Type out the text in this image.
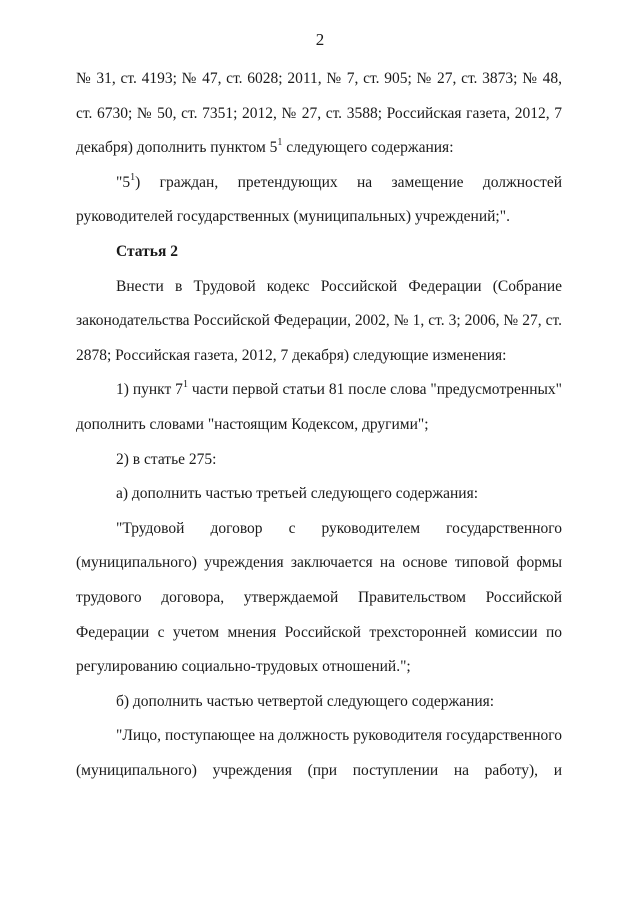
2

№ 31, ст. 4193; № 47, ст. 6028; 2011, № 7, ст. 905; № 27, ст. 3873; № 48, ст. 6730; № 50, ст. 7351; 2012, № 27, ст. 3588; Российская газета, 2012, 7 декабря) дополнить пунктом $5^1$ следующего содержания:

"$5^1$) граждан, претендующих на замещение должностей руководителей государственных (муниципальных) учреждений;".

Статья 2

Внести в Трудовой кодекс Российской Федерации (Собрание законодательства Российской Федерации, 2002, № 1, ст. 3; 2006, № 27, ст. 2878; Российская газета, 2012, 7 декабря) следующие изменения:

1) пункт $7^1$ части первой статьи 81 после слова "предусмотренных" дополнить словами "настоящим Кодексом, другими";

2) в статье 275:

а) дополнить частью третьей следующего содержания:

"Трудовой договор с руководителем государственного (муниципального) учреждения заключается на основе типовой формы трудового договора, утверждаемой Правительством Российской Федерации с учетом мнения Российской трехсторонней комиссии по регулированию социально-трудовых отношений.";

б) дополнить частью четвертой следующего содержания:

"Лицо, поступающее на должность руководителя государственного (муниципального) учреждения (при поступлении на работу), и
